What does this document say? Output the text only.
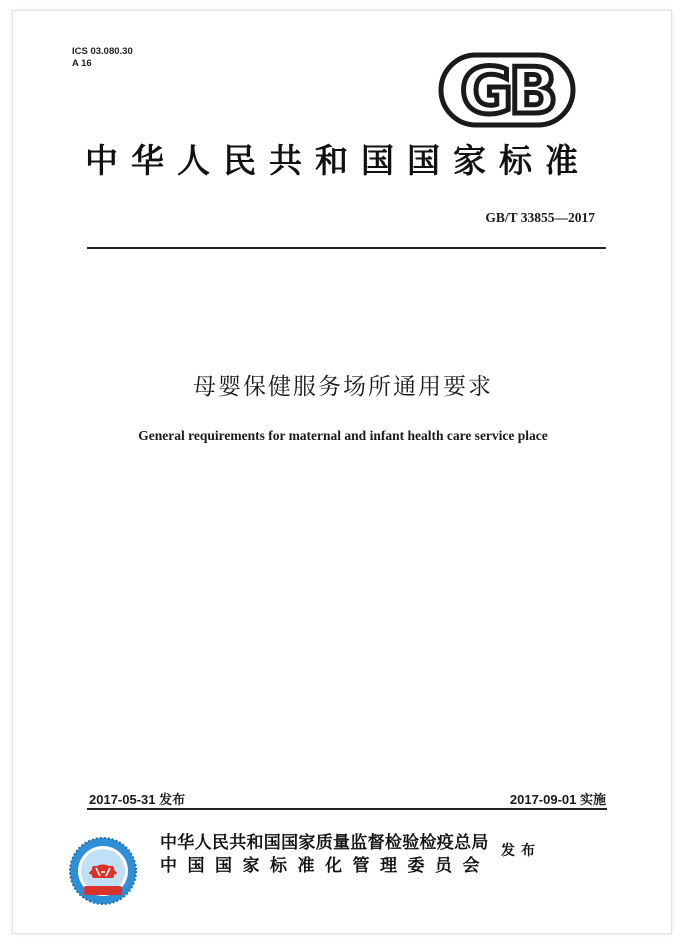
ICS 03.080.30
A 16	GB
中华人民共和国国家标准
GB/T 33855—2017
母婴保健服务场所通用要求
General requirements for maternal and infant health care service place
2017-05-31 发布	2017-09-01 实施
中华人民共和国国家质量监督检验检疫总局
中国国家标准化管理委员会
发布
